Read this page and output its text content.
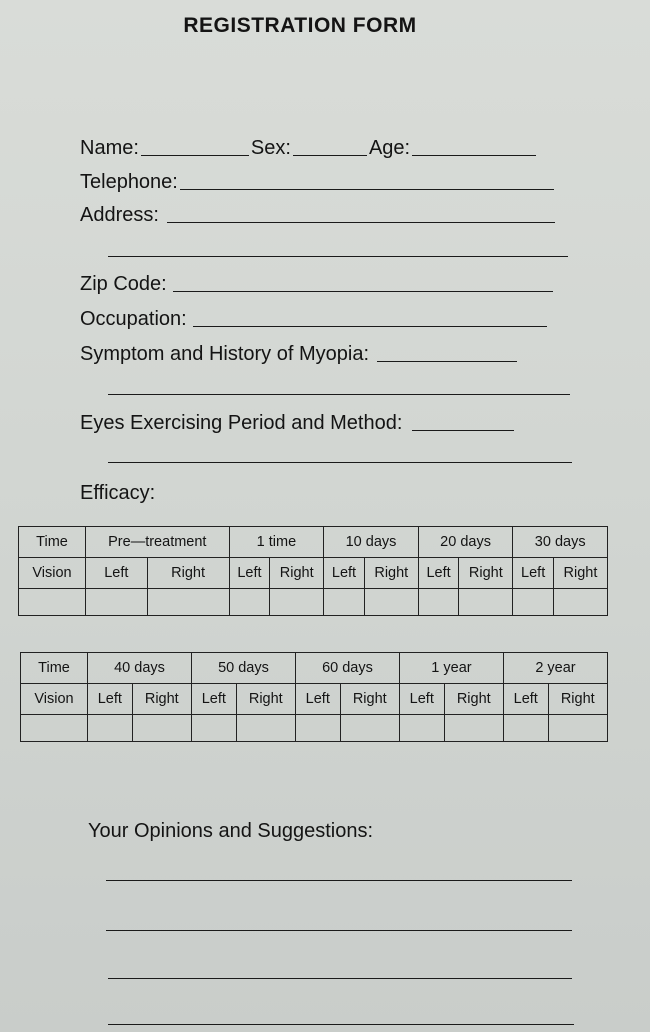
REGISTRATION FORM
Name:	Sex:	Age:
Telephone:
Address:
Zip Code:
Occupation:
Symptom and History of Myopia:
Eyes Exercising Period and Method:
Efficacy:
Time	Pre—treatment		1 time		10 days		20 days		30 days	
Vision	Left	Right	Left	Right	Left	Right	Left	Right	Left	Right

Time	40 days		50 days		60 days		1 year		2 year	
Vision	Left	Right	Left	Right	Left	Right	Left	Right	Left	Right

Your Opinions and Suggestions:
